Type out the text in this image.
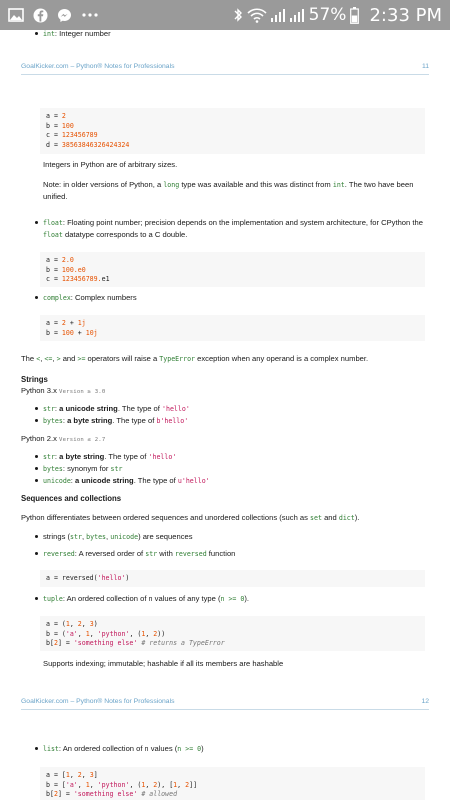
57% 2:33 PM
int: Integer number
GoalKicker.com – Python® Notes for Professionals	11
a = 2
b = 100
c = 123456789
d = 38563846326424324
Integers in Python are of arbitrary sizes.
Note: in older versions of Python, a long type was available and this was distinct from int. The two have been unified.
float: Floating point number; precision depends on the implementation and system architecture, for CPython the float datatype corresponds to a C double.
a = 2.0
b = 100.e0
c = 123456789.e1
complex: Complex numbers
a = 2 + 1j
b = 100 + 10j
The <, <=, > and >= operators will raise a TypeError exception when any operand is a complex number.
Strings
Python 3.x Version ≥ 3.0
str: a unicode string. The type of 'hello'
bytes: a byte string. The type of b'hello'
Python 2.x Version ≤ 2.7
str: a byte string. The type of 'hello'
bytes: synonym for str
unicode: a unicode string. The type of u'hello'
Sequences and collections
Python differentiates between ordered sequences and unordered collections (such as set and dict).
strings (str, bytes, unicode) are sequences
reversed: A reversed order of str with reversed function
a = reversed('hello')
tuple: An ordered collection of n values of any type (n >= 0).
a = (1, 2, 3)
b = ('a', 1, 'python', (1, 2))
b[2] = 'something else' # returns a TypeError
Supports indexing; immutable; hashable if all its members are hashable
GoalKicker.com – Python® Notes for Professionals	12
list: An ordered collection of n values (n >= 0)
a = [1, 2, 3]
b = ['a', 1, 'python', (1, 2), [1, 2]]
b[2] = 'something else' # allowed
